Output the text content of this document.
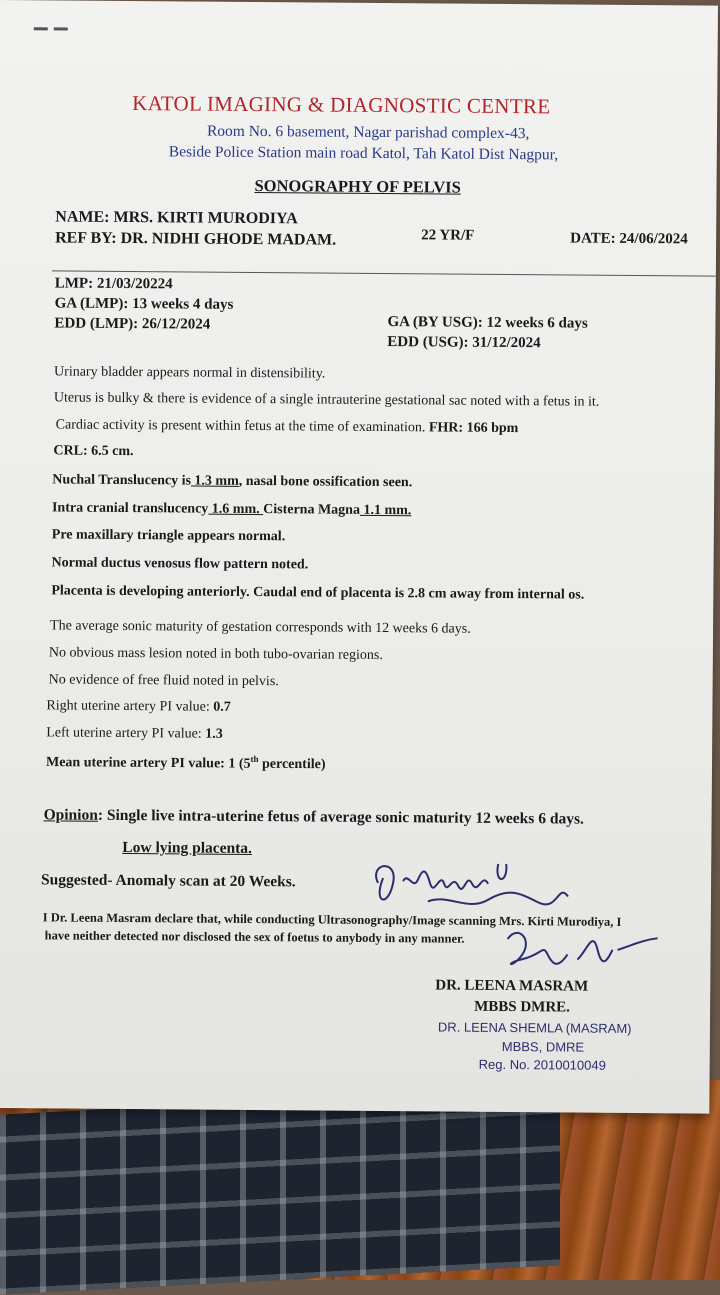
KATOL IMAGING & DIAGNOSTIC CENTRE
Room No. 6 basement, Nagar parishad complex-43,
Beside Police Station main road Katol, Tah Katol Dist Nagpur,
SONOGRAPHY OF PELVIS
NAME: MRS. KIRTI MURODIYA
22 YR/F	DATE: 24/06/2024
REF BY: DR. NIDHI GHODE MADAM.
LMP: 21/03/20224
GA (LMP): 13 weeks 4 days
EDD (LMP): 26/12/2024	GA (BY USG): 12 weeks 6 days
EDD (USG): 31/12/2024
Urinary bladder appears normal in distensibility.
Uterus is bulky & there is evidence of a single intrauterine gestational sac noted with a fetus in it.
Cardiac activity is present within fetus at the time of examination. FHR: 166 bpm
CRL: 6.5 cm.
Nuchal Translucency is 1.3 mm, nasal bone ossification seen.
Intra cranial translucency 1.6 mm. Cisterna Magna 1.1 mm.
Pre maxillary triangle appears normal.
Normal ductus venosus flow pattern noted.
Placenta is developing anteriorly. Caudal end of placenta is 2.8 cm away from internal os.
The average sonic maturity of gestation corresponds with 12 weeks 6 days.
No obvious mass lesion noted in both tubo-ovarian regions.
No evidence of free fluid noted in pelvis.
Right uterine artery PI value: 0.7
Left uterine artery PI value: 1.3
Mean uterine artery PI value: 1 (5th percentile)
Opinion: Single live intra-uterine fetus of average sonic maturity 12 weeks 6 days.
Low lying placenta.
Suggested- Anomaly scan at 20 Weeks.
I Dr. Leena Masram declare that, while conducting Ultrasonography/Image scanning Mrs. Kirti Murodiya, I
have neither detected nor disclosed the sex of foetus to anybody in any manner.
DR. LEENA MASRAM
MBBS DMRE.
DR. LEENA SHEMLA (MASRAM)
MBBS, DMRE
Reg. No. 2010010049
